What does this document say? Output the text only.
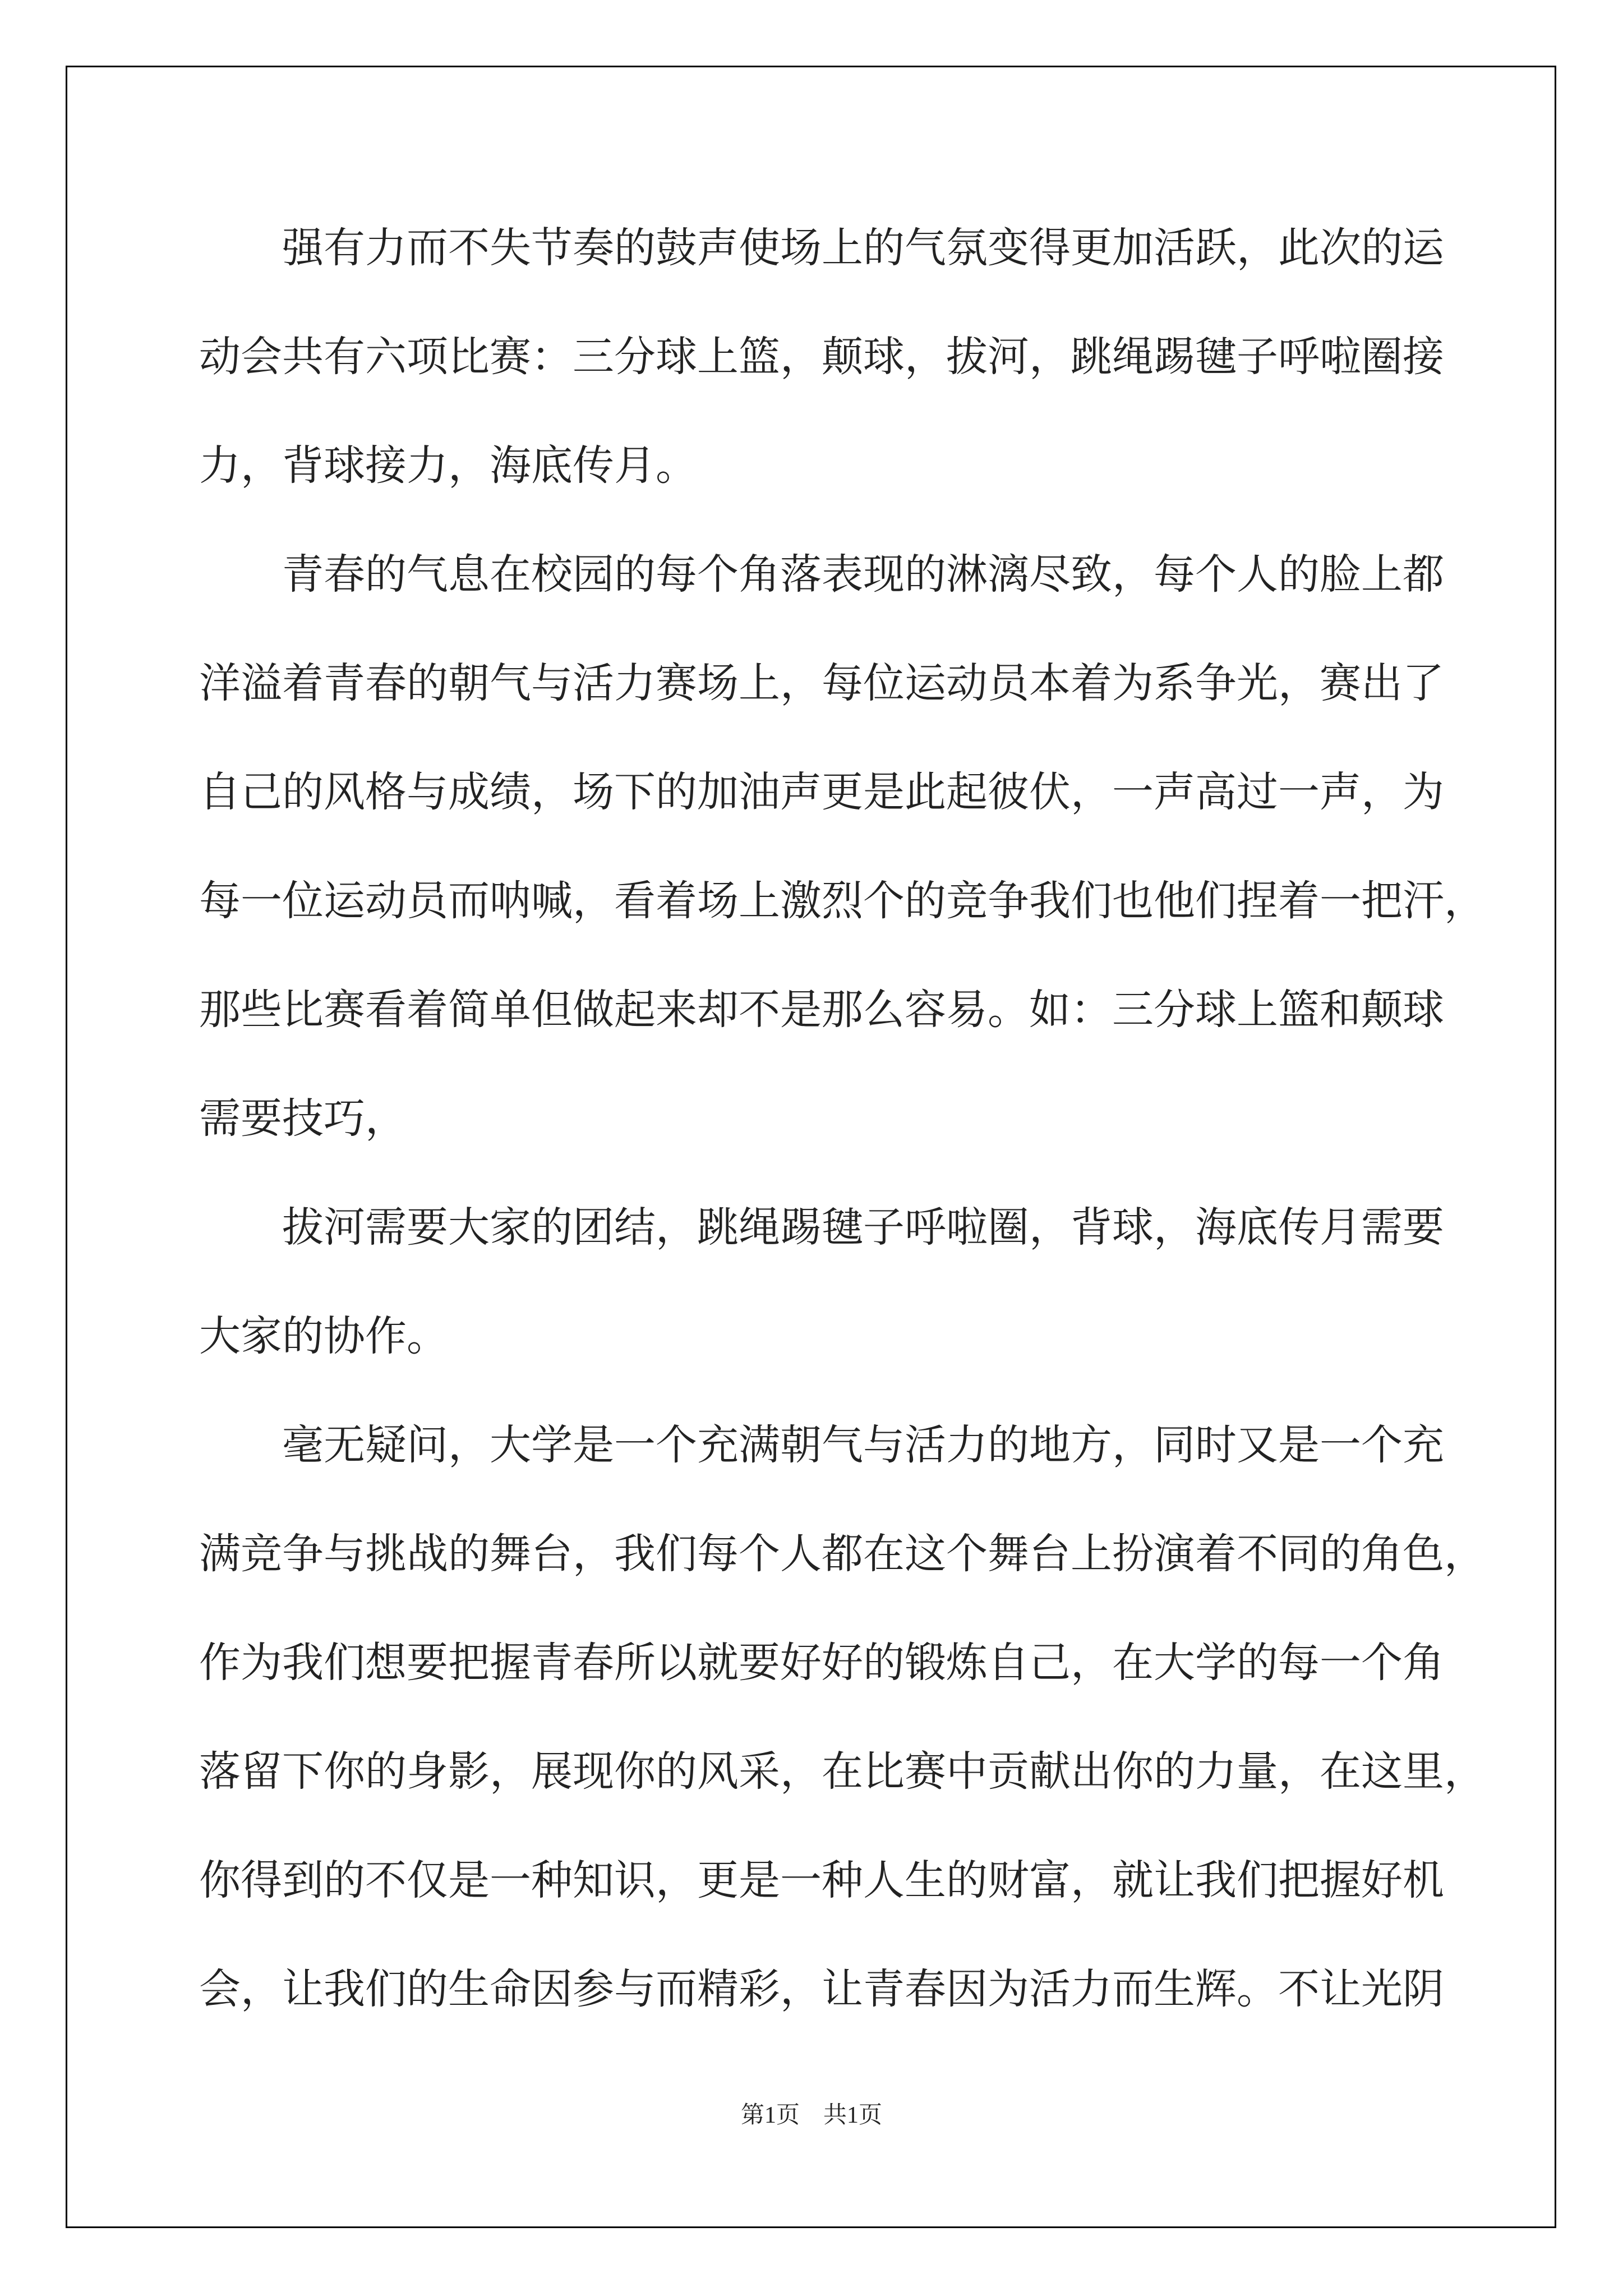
　　强有力而不失节奏的鼓声使场上的气氛变得更加活跃，此次的运
动会共有六项比赛：三分球上篮，颠球，拔河，跳绳踢毽子呼啦圈接
力，背球接力，海底传月。
　　青春的气息在校园的每个角落表现的淋漓尽致，每个人的脸上都
洋溢着青春的朝气与活力赛场上，每位运动员本着为系争光，赛出了
自己的风格与成绩，场下的加油声更是此起彼伏，一声高过一声，为
每一位运动员而呐喊，看着场上激烈个的竞争我们也他们捏着一把汗，
那些比赛看着简单但做起来却不是那么容易。如：三分球上篮和颠球
需要技巧，
　　拔河需要大家的团结，跳绳踢毽子呼啦圈，背球，海底传月需要
大家的协作。
　　毫无疑问，大学是一个充满朝气与活力的地方，同时又是一个充
满竞争与挑战的舞台，我们每个人都在这个舞台上扮演着不同的角色，
作为我们想要把握青春所以就要好好的锻炼自己，在大学的每一个角
落留下你的身影，展现你的风采，在比赛中贡献出你的力量，在这里，
你得到的不仅是一种知识，更是一种人生的财富，就让我们把握好机
会，让我们的生命因参与而精彩，让青春因为活力而生辉。不让光阴
第1页　共1页
